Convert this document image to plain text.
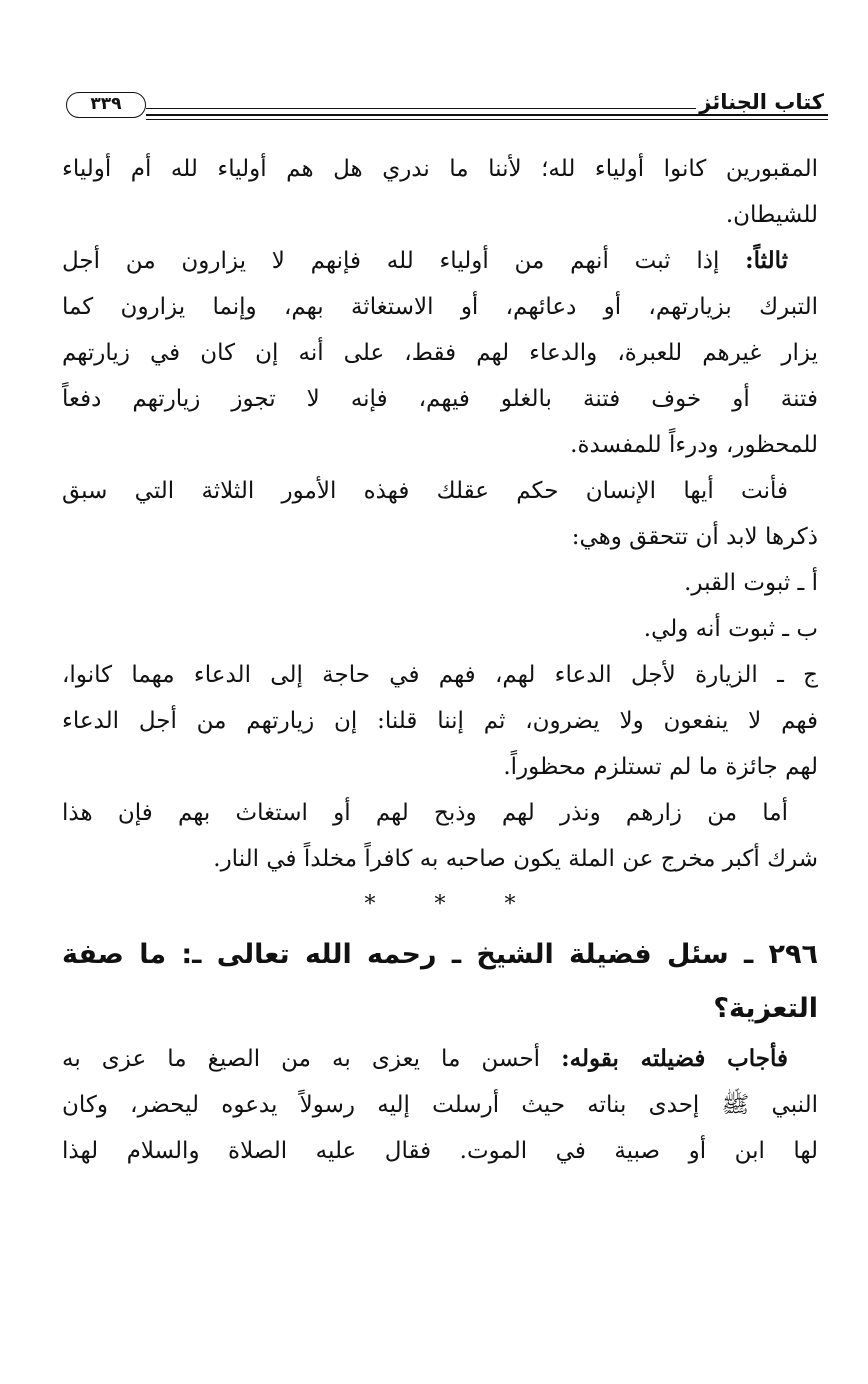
كتاب الجنائز
٣٣٩
المقبورين كانوا أولياء لله؛ لأننا ما ندري هل هم أولياء لله أم أولياء
للشيطان.
ثالثاً: إذا ثبت أنهم من أولياء لله فإنهم لا يزارون من أجل
التبرك بزيارتهم، أو دعائهم، أو الاستغاثة بهم، وإنما يزارون كما
يزار غيرهم للعبرة، والدعاء لهم فقط، على أنه إن كان في زيارتهم
فتنة أو خوف فتنة بالغلو فيهم، فإنه لا تجوز زيارتهم دفعاً
للمحظور، ودرءاً للمفسدة.
فأنت أيها الإنسان حكم عقلك فهذه الأمور الثلاثة التي سبق
ذكرها لابد أن تتحقق وهي:
أ ـ ثبوت القبر.
ب ـ ثبوت أنه ولي.
ج ـ الزيارة لأجل الدعاء لهم، فهم في حاجة إلى الدعاء مهما كانوا،
فهم لا ينفعون ولا يضرون، ثم إننا قلنا: إن زيارتهم من أجل الدعاء
لهم جائزة ما لم تستلزم محظوراً.
أما من زارهم ونذر لهم وذبح لهم أو استغاث بهم فإن هذا
شرك أكبر مخرج عن الملة يكون صاحبه به كافراً مخلداً في النار.
* * *
٢٩٦ ـ سئل فضيلة الشيخ ـ رحمه الله تعالى ـ: ما صفة
التعزية؟
فأجاب فضيلته بقوله: أحسن ما يعزى به من الصيغ ما عزى به
النبي ﷺ إحدى بناته حيث أرسلت إليه رسولاً يدعوه ليحضر، وكان
لها ابن أو صبية في الموت. فقال عليه الصلاة والسلام لهذا
